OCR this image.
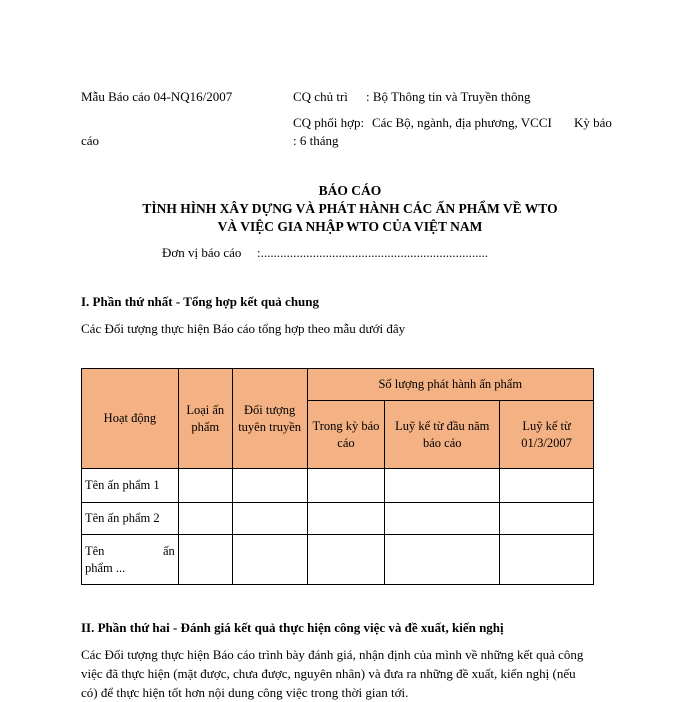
Mẫu Báo cáo 04-NQ16/2007	CQ chủ trì : Bộ Thông tin và Truyền thông
CQ phối hợp: Các Bộ, ngành, địa phương, VCCI Kỳ báo
cáo	: 6 tháng
BÁO CÁO
TÌNH HÌNH XÂY DỰNG VÀ PHÁT HÀNH CÁC ẤN PHẨM VỀ WTO
VÀ VIỆC GIA NHẬP WTO CỦA VIỆT NAM
Đơn vị báo cáo :......................................................................
I. Phần thứ nhất - Tổng hợp kết quả chung
Các Đối tượng thực hiện Báo cáo tổng hợp theo mẫu dưới đây
Hoạt động	Loại ấn phẩm	Đối tượng tuyên truyền	Số lượng phát hành ấn phẩm		
			Trong kỳ báo cáo	Luỹ kế từ đầu năm báo cáo	Luỹ kế từ 01/3/2007
Tên ấn phẩm 1					
Tên ấn phẩm 2					

Tên ấn
phẩm ...					

II. Phần thứ hai - Đánh giá kết quả thực hiện công việc và đề xuất, kiến nghị
Các Đối tượng thực hiện Báo cáo trình bày đánh giá, nhận định của mình về những kết quả công
việc đã thực hiện (mặt được, chưa được, nguyên nhân) và đưa ra những đề xuất, kiến nghị (nếu
có) để thực hiện tốt hơn nội dung công việc trong thời gian tới.
